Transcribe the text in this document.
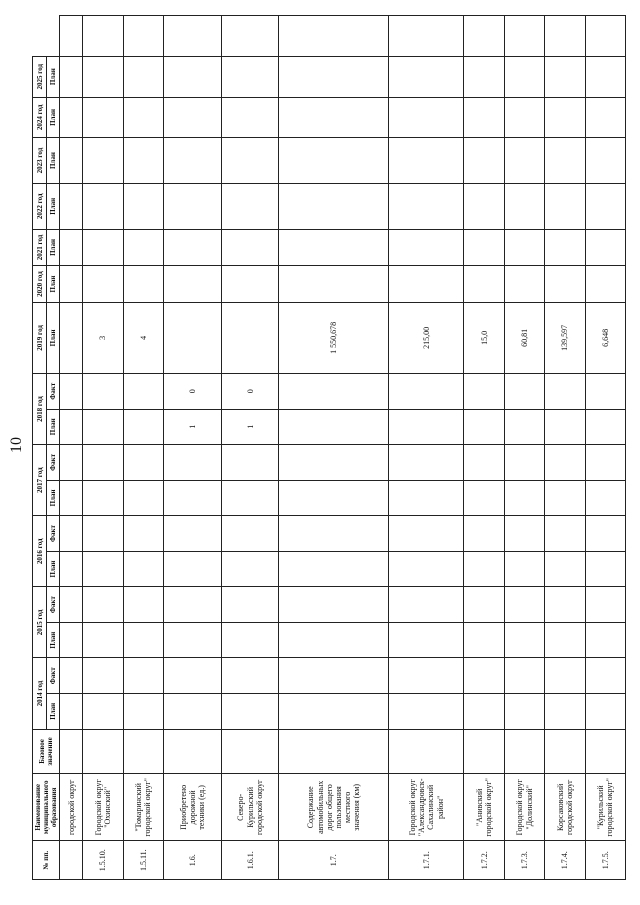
10
№ пп.	Наименование муниципального образования	Базовое значение	2014 год		2015 год		2016 год		2017 год		2018 год		2019 год	2020 год	2021 год	2022 год	2023 год	2024 год	2025 год	
			План	Факт	План	Факт	План	Факт	План	Факт	План	Факт	План	План	План	План	План	План	План	
	городской округ																			
1.5.10.	Городской округ "Охинский"												3							
1.5.11.	"Томаринский городской округ"												4							
1.6.	Приобретено дорожной техники (ед.)										1	0								
1.6.1.	Северо-Курильский городской округ										1	0								
1.7.	Содержание автомобильных дорог общего пользования местного значения (км)												1 550,678							
1.7.1.	Городской округ "Александровск-Сахалинский район"												215,00							
1.7.2.	"Анивский городской округ"												15,0							
1.7.3.	Городской округ "Долинский"												60,81							
1.7.4.	Корсаковский городской округ												139,597							
1.7.5.	"Курильский городской округ"												6,648							
